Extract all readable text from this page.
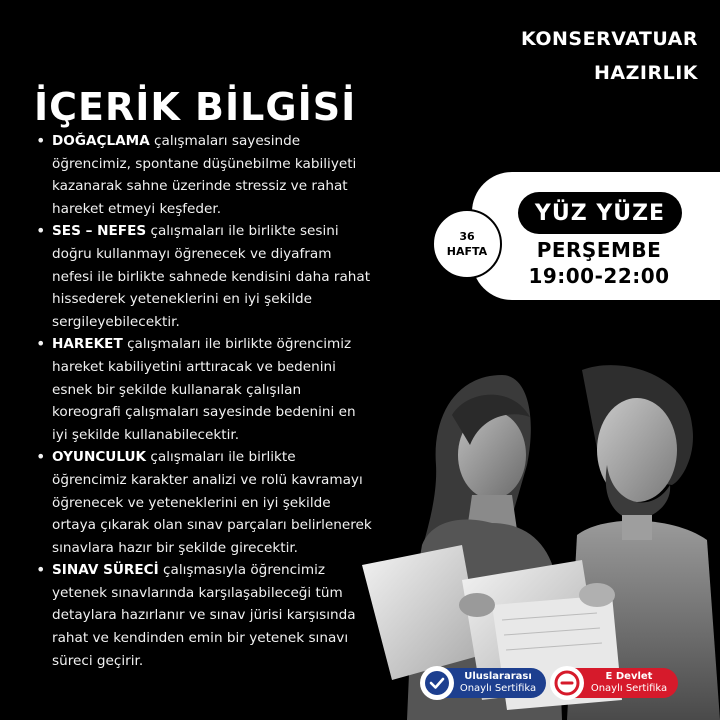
KONSERVATUAR
HAZIRLIK
İÇERİK BİLGİSİ
• DOĞAÇLAMA çalışmaları sayesinde öğrencimiz, spontane düşünebilme kabiliyeti kazanarak sahne üzerinde stressiz ve rahat hareket etmeyi keşfeder.
• SES – NEFES çalışmaları ile birlikte sesini doğru kullanmayı öğrenecek ve diyafram nefesi ile birlikte sahnede kendisini daha rahat hissederek yeteneklerini en iyi şekilde sergileyebilecektir.
• HAREKET çalışmaları ile birlikte öğrencimiz hareket kabiliyetini arttıracak ve bedenini esnek bir şekilde kullanarak çalışılan koreografi çalışmaları sayesinde bedenini en iyi şekilde kullanabilecektir.
• OYUNCULUK çalışmaları ile birlikte öğrencimiz karakter analizi ve rolü kavramayı öğrenecek ve yeteneklerini en iyi şekilde ortaya çıkarak olan sınav parçaları belirlenerek sınavlara hazır bir şekilde girecektir.
• SINAV SÜRECİ çalışmasıyla öğrencimiz yetenek sınavlarında karşılaşabileceği tüm detaylara hazırlanır ve sınav jürisi karşısında rahat ve kendinden emin bir yetenek sınavı süreci geçirir.
36
HAFTA
YÜZ YÜZE
PERŞEMBE
19:00-22:00
Uluslararası
Onaylı Sertifika
E Devlet
Onaylı Sertifika
